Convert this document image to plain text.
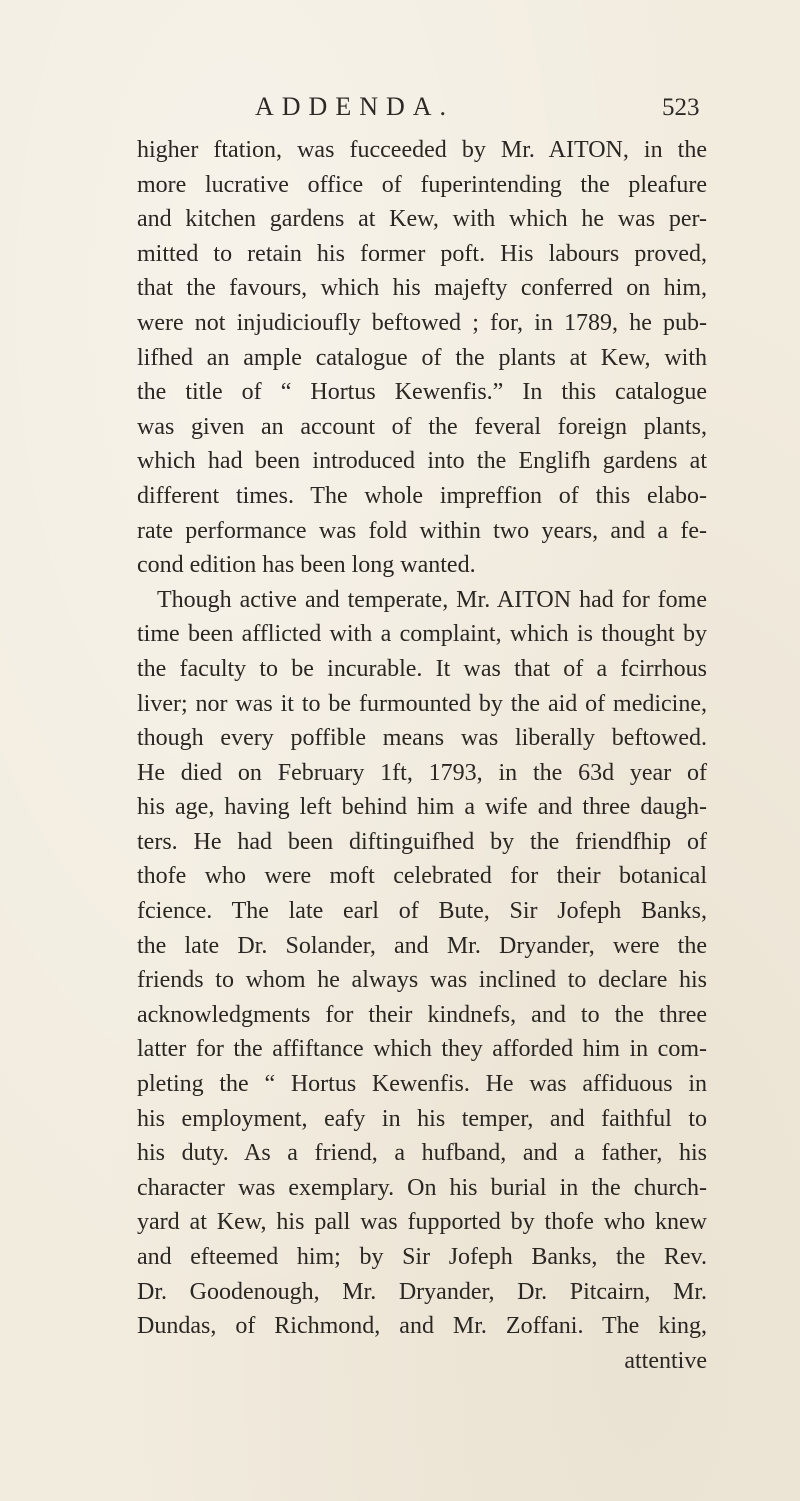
ADDENDA.	523
higher ftation, was fucceeded by Mr. AITON, in the
more lucrative office of fuperintending the pleafure
and kitchen gardens at Kew, with which he was per-
mitted to retain his former poft. His labours proved,
that the favours, which his majefty conferred on him,
were not injudicioufly beftowed ; for, in 1789, he pub-
lifhed an ample catalogue of the plants at Kew, with
the title of “ Hortus Kewenfis.” In this catalogue
was given an account of the feveral foreign plants,
which had been introduced into the Englifh gardens at
different times. The whole impreffion of this elabo-
rate performance was fold within two years, and a fe-
cond edition has been long wanted.
Though active and temperate, Mr. AITON had for fome
time been afflicted with a complaint, which is thought by
the faculty to be incurable. It was that of a fcirrhous
liver; nor was it to be furmounted by the aid of medicine,
though every poffible means was liberally beftowed.
He died on February 1ft, 1793, in the 63d year of
his age, having left behind him a wife and three daugh-
ters. He had been diftinguifhed by the friendfhip of
thofe who were moft celebrated for their botanical
fcience. The late earl of Bute, Sir Jofeph Banks,
the late Dr. Solander, and Mr. Dryander, were the
friends to whom he always was inclined to declare his
acknowledgments for their kindnefs, and to the three
latter for the affiftance which they afforded him in com-
pleting the “ Hortus Kewenfis. He was affiduous in
his employment, eafy in his temper, and faithful to
his duty. As a friend, a hufband, and a father, his
character was exemplary. On his burial in the church-
yard at Kew, his pall was fupported by thofe who knew
and efteemed him; by Sir Jofeph Banks, the Rev.
Dr. Goodenough, Mr. Dryander, Dr. Pitcairn, Mr.
Dundas, of Richmond, and Mr. Zoffani. The king,
attentive
